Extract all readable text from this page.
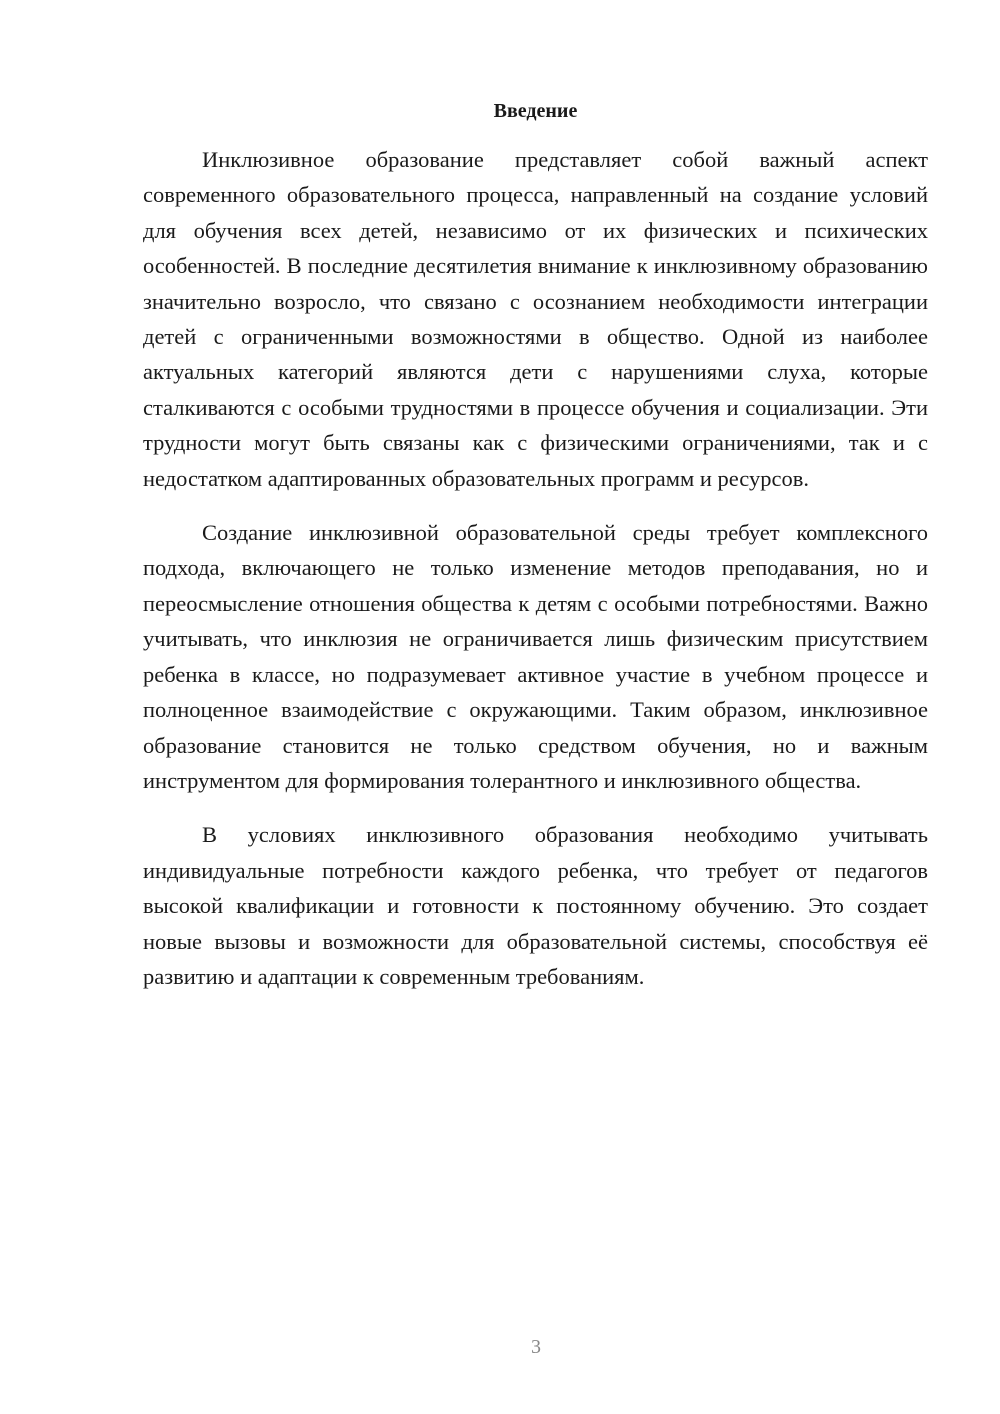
Введение

Инклюзивное образование представляет собой важный аспект современного образовательного процесса, направленный на создание условий для обучения всех детей, независимо от их физических и психических особенностей. В последние десятилетия внимание к инклюзивному образованию значительно возросло, что связано с осознанием необходимости интеграции детей с ограниченными возможностями в общество. Одной из наиболее актуальных категорий являются дети с нарушениями слуха, которые сталкиваются с особыми трудностями в процессе обучения и социализации. Эти трудности могут быть связаны как с физическими ограничениями, так и с недостатком адаптированных образовательных программ и ресурсов.

Создание инклюзивной образовательной среды требует комплексного подхода, включающего не только изменение методов преподавания, но и переосмысление отношения общества к детям с особыми потребностями. Важно учитывать, что инклюзия не ограничивается лишь физическим присутствием ребенка в классе, но подразумевает активное участие в учебном процессе и полноценное взаимодействие с окружающими. Таким образом, инклюзивное образование становится не только средством обучения, но и важным инструментом для формирования толерантного и инклюзивного общества.

В условиях инклюзивного образования необходимо учитывать индивидуальные потребности каждого ребенка, что требует от педагогов высокой квалификации и готовности к постоянному обучению. Это создает новые вызовы и возможности для образовательной системы, способствуя её развитию и адаптации к современным требованиям.

3
